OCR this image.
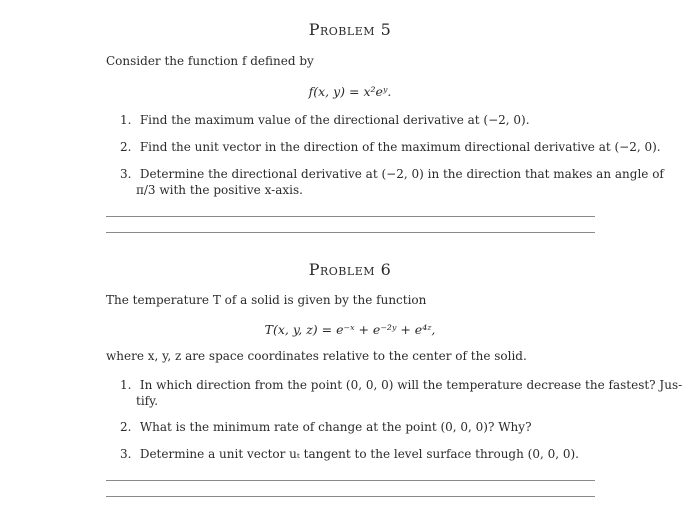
Problem 5
Consider the function f defined by
f(x, y) = x²eʸ.
1. Find the maximum value of the directional derivative at (−2, 0).
2. Find the unit vector in the direction of the maximum directional derivative at (−2, 0).
3. Determine the directional derivative at (−2, 0) in the direction that makes an angle of
π/3 with the positive x-axis.
Problem 6
The temperature T of a solid is given by the function
T(x, y, z) = e⁻ˣ + e⁻²ʸ + e⁴ᶻ,
where x, y, z are space coordinates relative to the center of the solid.
1. In which direction from the point (0, 0, 0) will the temperature decrease the fastest? Jus-
tify.
2. What is the minimum rate of change at the point (0, 0, 0)? Why?
3. Determine a unit vector uₜ tangent to the level surface through (0, 0, 0).
